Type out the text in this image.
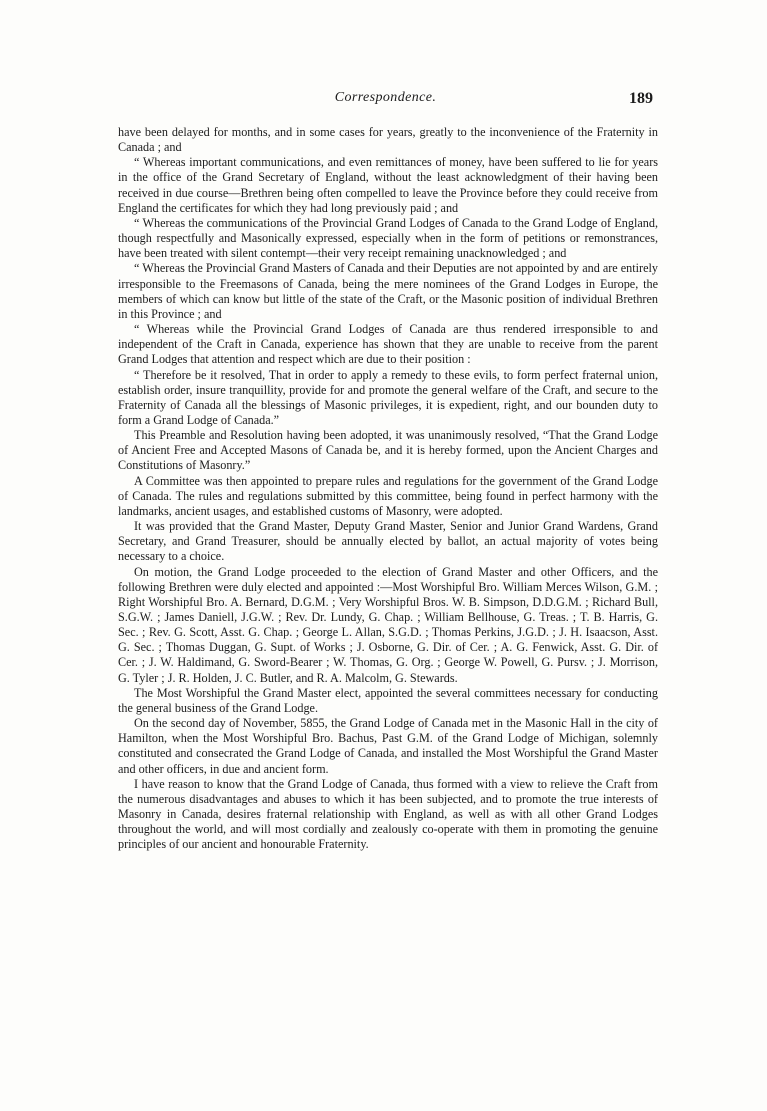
Correspondence.	189

have been delayed for months, and in some cases for years, greatly to the inconvenience of the Fraternity in Canada ; and

“ Whereas important communications, and even remittances of money, have been suffered to lie for years in the office of the Grand Secretary of England, without the least acknowledgment of their having been received in due course—Brethren being often compelled to leave the Province before they could receive from England the certificates for which they had long previously paid ; and

“ Whereas the communications of the Provincial Grand Lodges of Canada to the Grand Lodge of England, though respectfully and Masonically expressed, especially when in the form of petitions or remonstrances, have been treated with silent contempt—their very receipt remaining unacknowledged ; and

“ Whereas the Provincial Grand Masters of Canada and their Deputies are not appointed by and are entirely irresponsible to the Freemasons of Canada, being the mere nominees of the Grand Lodges in Europe, the members of which can know but little of the state of the Craft, or the Masonic position of individual Brethren in this Province ; and

“ Whereas while the Provincial Grand Lodges of Canada are thus rendered irresponsible to and independent of the Craft in Canada, experience has shown that they are unable to receive from the parent Grand Lodges that attention and respect which are due to their position :

“ Therefore be it resolved, That in order to apply a remedy to these evils, to form perfect fraternal union, establish order, insure tranquillity, provide for and promote the general welfare of the Craft, and secure to the Fraternity of Canada all the blessings of Masonic privileges, it is expedient, right, and our bounden duty to form a Grand Lodge of Canada.”

This Preamble and Resolution having been adopted, it was unanimously resolved, “That the Grand Lodge of Ancient Free and Accepted Masons of Canada be, and it is hereby formed, upon the Ancient Charges and Constitutions of Masonry.”

A Committee was then appointed to prepare rules and regulations for the government of the Grand Lodge of Canada. The rules and regulations submitted by this committee, being found in perfect harmony with the landmarks, ancient usages, and established customs of Masonry, were adopted.

It was provided that the Grand Master, Deputy Grand Master, Senior and Junior Grand Wardens, Grand Secretary, and Grand Treasurer, should be annually elected by ballot, an actual majority of votes being necessary to a choice.

On motion, the Grand Lodge proceeded to the election of Grand Master and other Officers, and the following Brethren were duly elected and appointed :—Most Worshipful Bro. William Merces Wilson, G.M. ; Right Worshipful Bro. A. Bernard, D.G.M. ; Very Worshipful Bros. W. B. Simpson, D.D.G.M. ; Richard Bull, S.G.W. ; James Daniell, J.G.W. ; Rev. Dr. Lundy, G. Chap. ; William Bellhouse, G. Treas. ; T. B. Harris, G. Sec. ; Rev. G. Scott, Asst. G. Chap. ; George L. Allan, S.G.D. ; Thomas Perkins, J.G.D. ; J. H. Isaacson, Asst. G. Sec. ; Thomas Duggan, G. Supt. of Works ; J. Osborne, G. Dir. of Cer. ; A. G. Fenwick, Asst. G. Dir. of Cer. ; J. W. Haldimand, G. Sword-Bearer ; W. Thomas, G. Org. ; George W. Powell, G. Pursv. ; J. Morrison, G. Tyler ; J. R. Holden, J. C. Butler, and R. A. Malcolm, G. Stewards.

The Most Worshipful the Grand Master elect, appointed the several committees necessary for conducting the general business of the Grand Lodge.

On the second day of November, 5855, the Grand Lodge of Canada met in the Masonic Hall in the city of Hamilton, when the Most Worshipful Bro. Bachus, Past G.M. of the Grand Lodge of Michigan, solemnly constituted and consecrated the Grand Lodge of Canada, and installed the Most Worshipful the Grand Master and other officers, in due and ancient form.

I have reason to know that the Grand Lodge of Canada, thus formed with a view to relieve the Craft from the numerous disadvantages and abuses to which it has been subjected, and to promote the true interests of Masonry in Canada, desires fraternal relationship with England, as well as with all other Grand Lodges throughout the world, and will most cordially and zealously co-operate with them in promoting the genuine principles of our ancient and honourable Fraternity.
